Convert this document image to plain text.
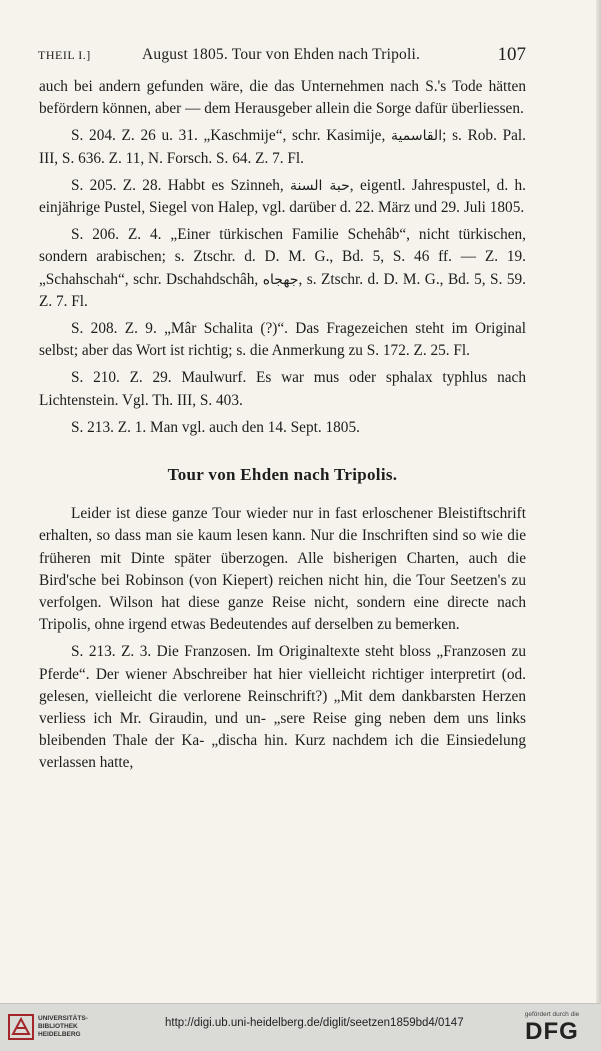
THEIL I.]	August 1805. Tour von Ehden nach Tripoli.	107

auch bei andern gefunden wäre, die das Unternehmen nach S.'s Tode hätten befördern können, aber — dem Herausgeber allein die Sorge dafür überliessen.

S. 204. Z. 26 u. 31. „Kaschmije“, schr. Kasimije, القاسمية; s. Rob. Pal. III, S. 636. Z. 11, N. Forsch. S. 64. Z. 7. Fl.

S. 205. Z. 28. Habbt es Szinneh, حبة السنة, eigentl. Jahrespustel, d. h. einjährige Pustel, Siegel von Halep, vgl. darüber d. 22. März und 29. Juli 1805.

S. 206. Z. 4. „Einer türkischen Familie Schehâb“, nicht türkischen, sondern arabischen; s. Ztschr. d. D. M. G., Bd. 5, S. 46 ff. — Z. 19. „Schahschah“, schr. Dschahdschâh, جهجاه, s. Ztschr. d. D. M. G., Bd. 5, S. 59. Z. 7. Fl.

S. 208. Z. 9. „Mâr Schalita (?)“. Das Fragezeichen steht im Original selbst; aber das Wort ist richtig; s. die Anmerkung zu S. 172. Z. 25. Fl.

S. 210. Z. 29. Maulwurf. Es war mus oder sphalax typhlus nach Lichtenstein. Vgl. Th. III, S. 403.

S. 213. Z. 1. Man vgl. auch den 14. Sept. 1805.

Tour von Ehden nach Tripolis.

Leider ist diese ganze Tour wieder nur in fast erloschener Bleistiftschrift erhalten, so dass man sie kaum lesen kann. Nur die Inschriften sind so wie die früheren mit Dinte später überzogen. Alle bisherigen Charten, auch die Bird'sche bei Robinson (von Kiepert) reichen nicht hin, die Tour Seetzen's zu verfolgen. Wilson hat diese ganze Reise nicht, sondern eine directe nach Tripolis, ohne irgend etwas Bedeutendes auf derselben zu bemerken.

S. 213. Z. 3. Die Franzosen. Im Originaltexte steht bloss „Franzosen zu Pferde“. Der wiener Abschreiber hat hier vielleicht richtiger interpretirt (od. gelesen, vielleicht die verlorene Reinschrift?) „Mit dem dankbarsten Herzen verliess ich Mr. Giraudin, und un- „sere Reise ging neben dem uns links bleibenden Thale der Ka- „discha hin. Kurz nachdem ich die Einsiedelung verlassen hatte,

UNIVERSITÄTS-
BIBLIOTHEK
HEIDELBERG
http://digi.ub.uni-heidelberg.de/diglit/seetzen1859bd4/0147
gefördert durch die
DFG
